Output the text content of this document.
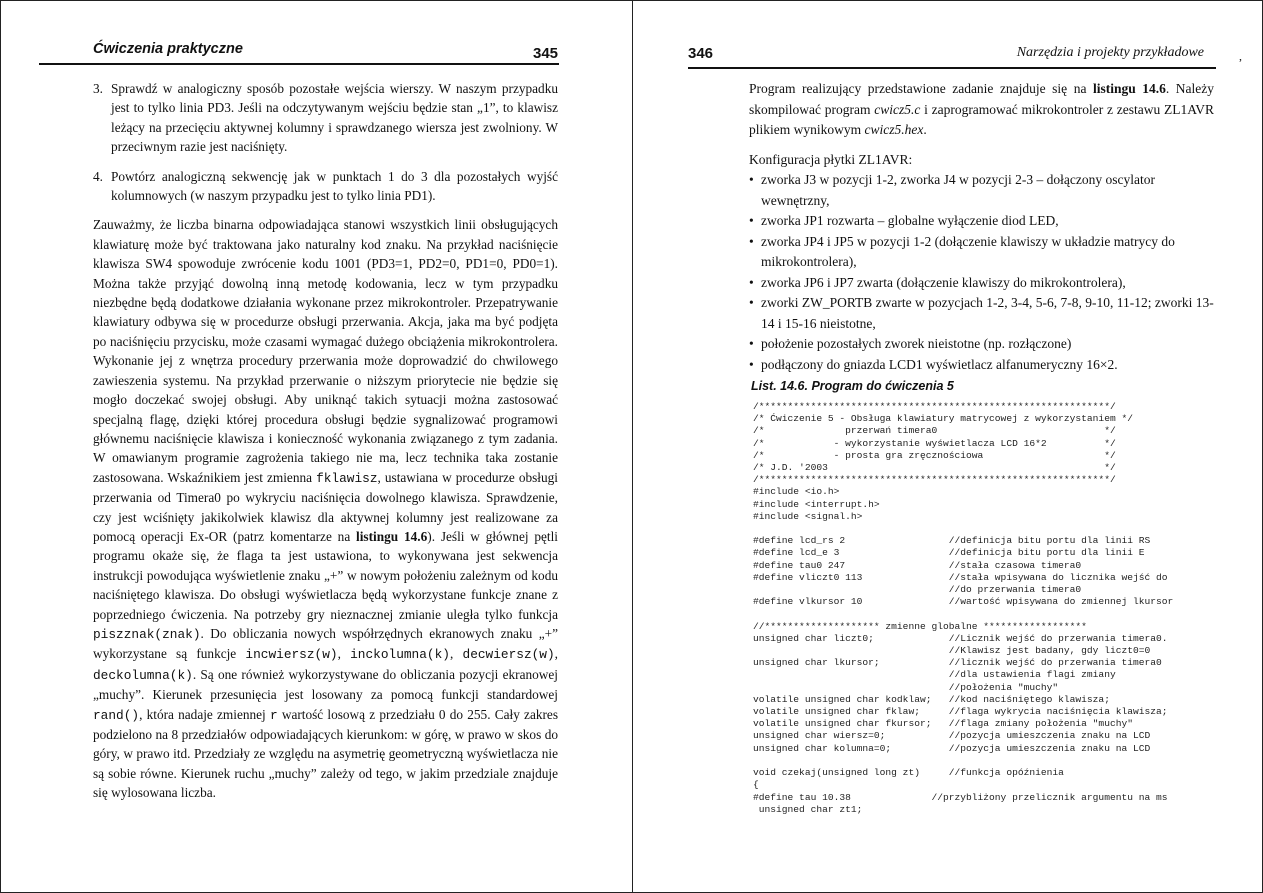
Ćwiczenia praktyczne	345
3. Sprawdź w analogiczny sposób pozostałe wejścia wierszy. W naszym przypadku jest to tylko linia PD3. Jeśli na odczytywanym wejściu będzie stan „1”, to klawisz leżący na przecięciu aktywnej kolumny i sprawdzanego wiersza jest zwolniony. W przeciwnym razie jest naciśnięty.
4. Powtórz analogiczną sekwencję jak w punktach 1 do 3 dla pozostałych wyjść kolumnowych (w naszym przypadku jest to tylko linia PD1).

Zauważmy, że liczba binarna odpowiadająca stanowi wszystkich linii obsługujących klawiaturę może być traktowana jako naturalny kod znaku. Na przykład naciśnięcie klawisza SW4 spowoduje zwrócenie kodu 1001 (PD3=1, PD2=0, PD1=0, PD0=1). Można także przyjąć dowolną inną metodę kodowania, lecz w tym przypadku niezbędne będą dodatkowe działania wykonane przez mikrokontroler. Przepatrywanie klawiatury odbywa się w procedurze obsługi przerwania. Akcja, jaka ma być podjęta po naciśnięciu przycisku, może czasami wymagać dużego obciążenia mikrokontrolera. Wykonanie jej z wnętrza procedury przerwania może doprowadzić do chwilowego zawieszenia systemu. Na przykład przerwanie o niższym priorytecie nie będzie się mogło doczekać swojej obsługi. Aby uniknąć takich sytuacji można zastosować specjalną flagę, dzięki której procedura obsługi będzie sygnalizować programowi głównemu naciśnięcie klawisza i konieczność wykonania związanego z tym zadania. W omawianym programie zagrożenia takiego nie ma, lecz technika taka zostanie zastosowana. Wskaźnikiem jest zmienna fklawisz, ustawiana w procedurze obsługi przerwania od Timera0 po wykryciu naciśnięcia dowolnego klawisza. Sprawdzenie, czy jest wciśnięty jakikolwiek klawisz dla aktywnej kolumny jest realizowane za pomocą operacji Ex-OR (patrz komentarze na listingu 14.6). Jeśli w głównej pętli programu okaże się, że flaga ta jest ustawiona, to wykonywana jest sekwencja instrukcji powodująca wyświetlenie znaku „+” w nowym położeniu zależnym od kodu naciśniętego klawisza. Do obsługi wyświetlacza będą wykorzystane funkcje znane z poprzedniego ćwiczenia. Na potrzeby gry nieznacznej zmianie uległa tylko funkcja piszznak(znak). Do obliczania nowych współrzędnych ekranowych znaku „+” wykorzystane są funkcje incwiersz(w), inckolumna(k), decwiersz(w), deckolumna(k). Są one również wykorzystywane do obliczania pozycji ekranowej „muchy”. Kierunek przesunięcia jest losowany za pomocą funkcji standardowej rand(), która nadaje zmiennej r wartość losową z przedziału 0 do 255. Cały zakres podzielono na 8 przedziałów odpowiadających kierunkom: w górę, w prawo w skos do góry, w prawo itd. Przedziały ze względu na asymetrię geometryczną wyświetlacza nie są sobie równe. Kierunek ruchu „muchy” zależy od tego, w jakim przedziale znajduje się wylosowana liczba.

346	Narzędzia i projekty przykładowe	,

Program realizujący przedstawione zadanie znajduje się na listingu 14.6. Należy skompilować program cwicz5.c i zaprogramować mikrokontroler z zestawu ZL1AVR plikiem wynikowym cwicz5.hex.

Konfiguracja płytki ZL1AVR:

• zworka J3 w pozycji 1-2, zworka J4 w pozycji 2-3 – dołączony oscylator wewnętrzny,
• zworka JP1 rozwarta – globalne wyłączenie diod LED,
• zworka JP4 i JP5 w pozycji 1-2 (dołączenie klawiszy w układzie matrycy do mikrokontrolera),
• zworka JP6 i JP7 zwarta (dołączenie klawiszy do mikrokontrolera),
• zworki ZW_PORTB zwarte w pozycjach 1-2, 3-4, 5-6, 7-8, 9-10, 11-12; zworki 13-14 i 15-16 nieistotne,
• położenie pozostałych zworek nieistotne (np. rozłączone)
• podłączony do gniazda LCD1 wyświetlacz alfanumeryczny 16×2.
List. 14.6. Program do ćwiczenia 5
/*************************************************************/
/* Ćwiczenie 5 - Obsługa klawiatury matrycowej z wykorzystaniem */
/*              przerwań timera0                             */
/*            - wykorzystanie wyświetlacza LCD 16*2          */
/*            - prosta gra zręcznościowa                     */
/* J.D. '2003                                                */
/*************************************************************/
#include <io.h>
#include <interrupt.h>
#include <signal.h>

#define lcd_rs 2                  //definicja bitu portu dla linii RS
#define lcd_e 3                   //definicja bitu portu dla linii E
#define tau0 247                  //stała czasowa timera0
#define vliczt0 113               //stała wpisywana do licznika wejść do
//do przerwania timera0
#define vlkursor 10               //wartość wpisywana do zmiennej lkursor

//******************** zmienne globalne ******************
unsigned char liczt0;             //Licznik wejść do przerwania timera0.
//Klawisz jest badany, gdy liczt0=0
unsigned char lkursor;            //licznik wejść do przerwania timera0
//dla ustawienia flagi zmiany
//położenia "muchy"
volatile unsigned char kodklaw;   //kod naciśniętego klawisza;
volatile unsigned char fklaw;     //flaga wykrycia naciśnięcia klawisza;
volatile unsigned char fkursor;   //flaga zmiany położenia "muchy"
unsigned char wiersz=0;           //pozycja umieszczenia znaku na LCD
unsigned char kolumna=0;          //pozycja umieszczenia znaku na LCD

void czekaj(unsigned long zt)     //funkcja opóźnienia
{
#define tau 10.38              //przybliżony przelicznik argumentu na ms
unsigned char zt1;
